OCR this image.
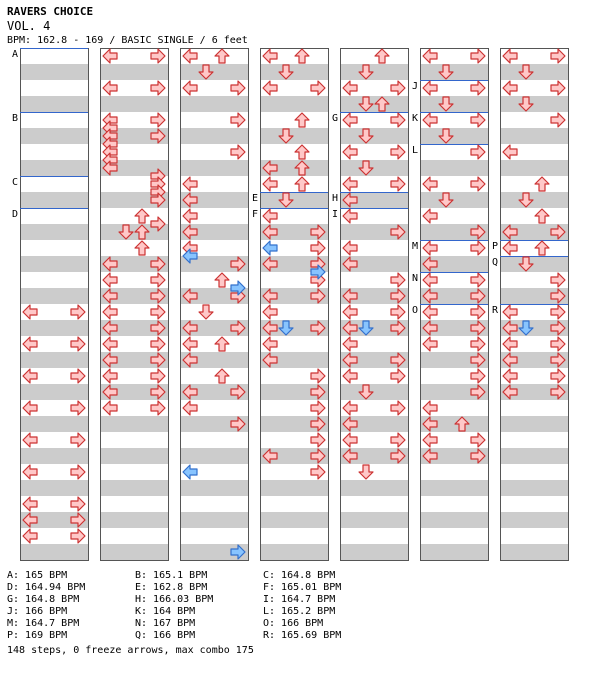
RAVERS CHOICE
VOL. 4
BPM: 162.8 - 169 / BASIC SINGLE / 6 feet
A
B
C
D
E
F
G
H
I
J
K
L
M
N
O
P
Q
R
A: 165 BPM	B: 165.1 BPM	C: 164.8 BPM
D: 164.94 BPM	E: 162.8 BPM	F: 165.01 BPM
G: 164.8 BPM	H: 166.03 BPM	I: 164.7 BPM
J: 166 BPM	K: 164 BPM	L: 165.2 BPM
M: 164.7 BPM	N: 167 BPM	O: 166 BPM
P: 169 BPM	Q: 166 BPM	R: 165.69 BPM
148 steps, 0 freeze arrows, max combo 175
